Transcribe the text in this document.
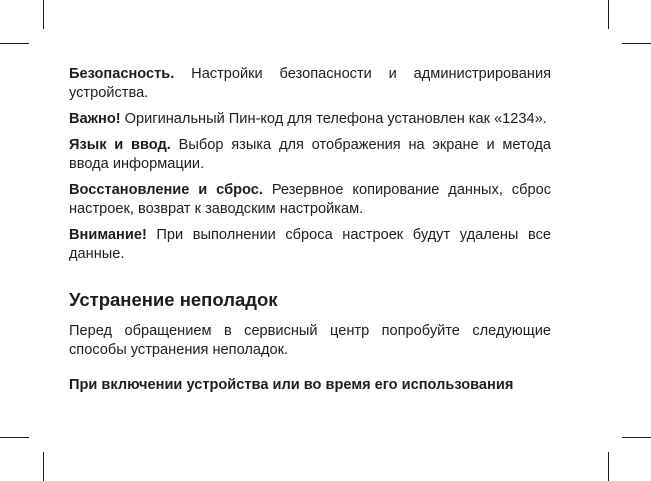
Безопасность. Настройки безопасности и администрирования устройства.

Важно! Оригинальный Пин-код для телефона установлен как «1234».

Язык и ввод. Выбор языка для отображения на экране и метода ввода информации.

Восстановление и сброс. Резервное копирование данных, сброс настроек, возврат к заводским настройкам.

Внимание! При выполнении сброса настроек будут удалены все данные.

Устранение неполадок

Перед обращением в сервисный центр попробуйте следующие способы устранения неполадок.

При включении устройства или во время его использования
